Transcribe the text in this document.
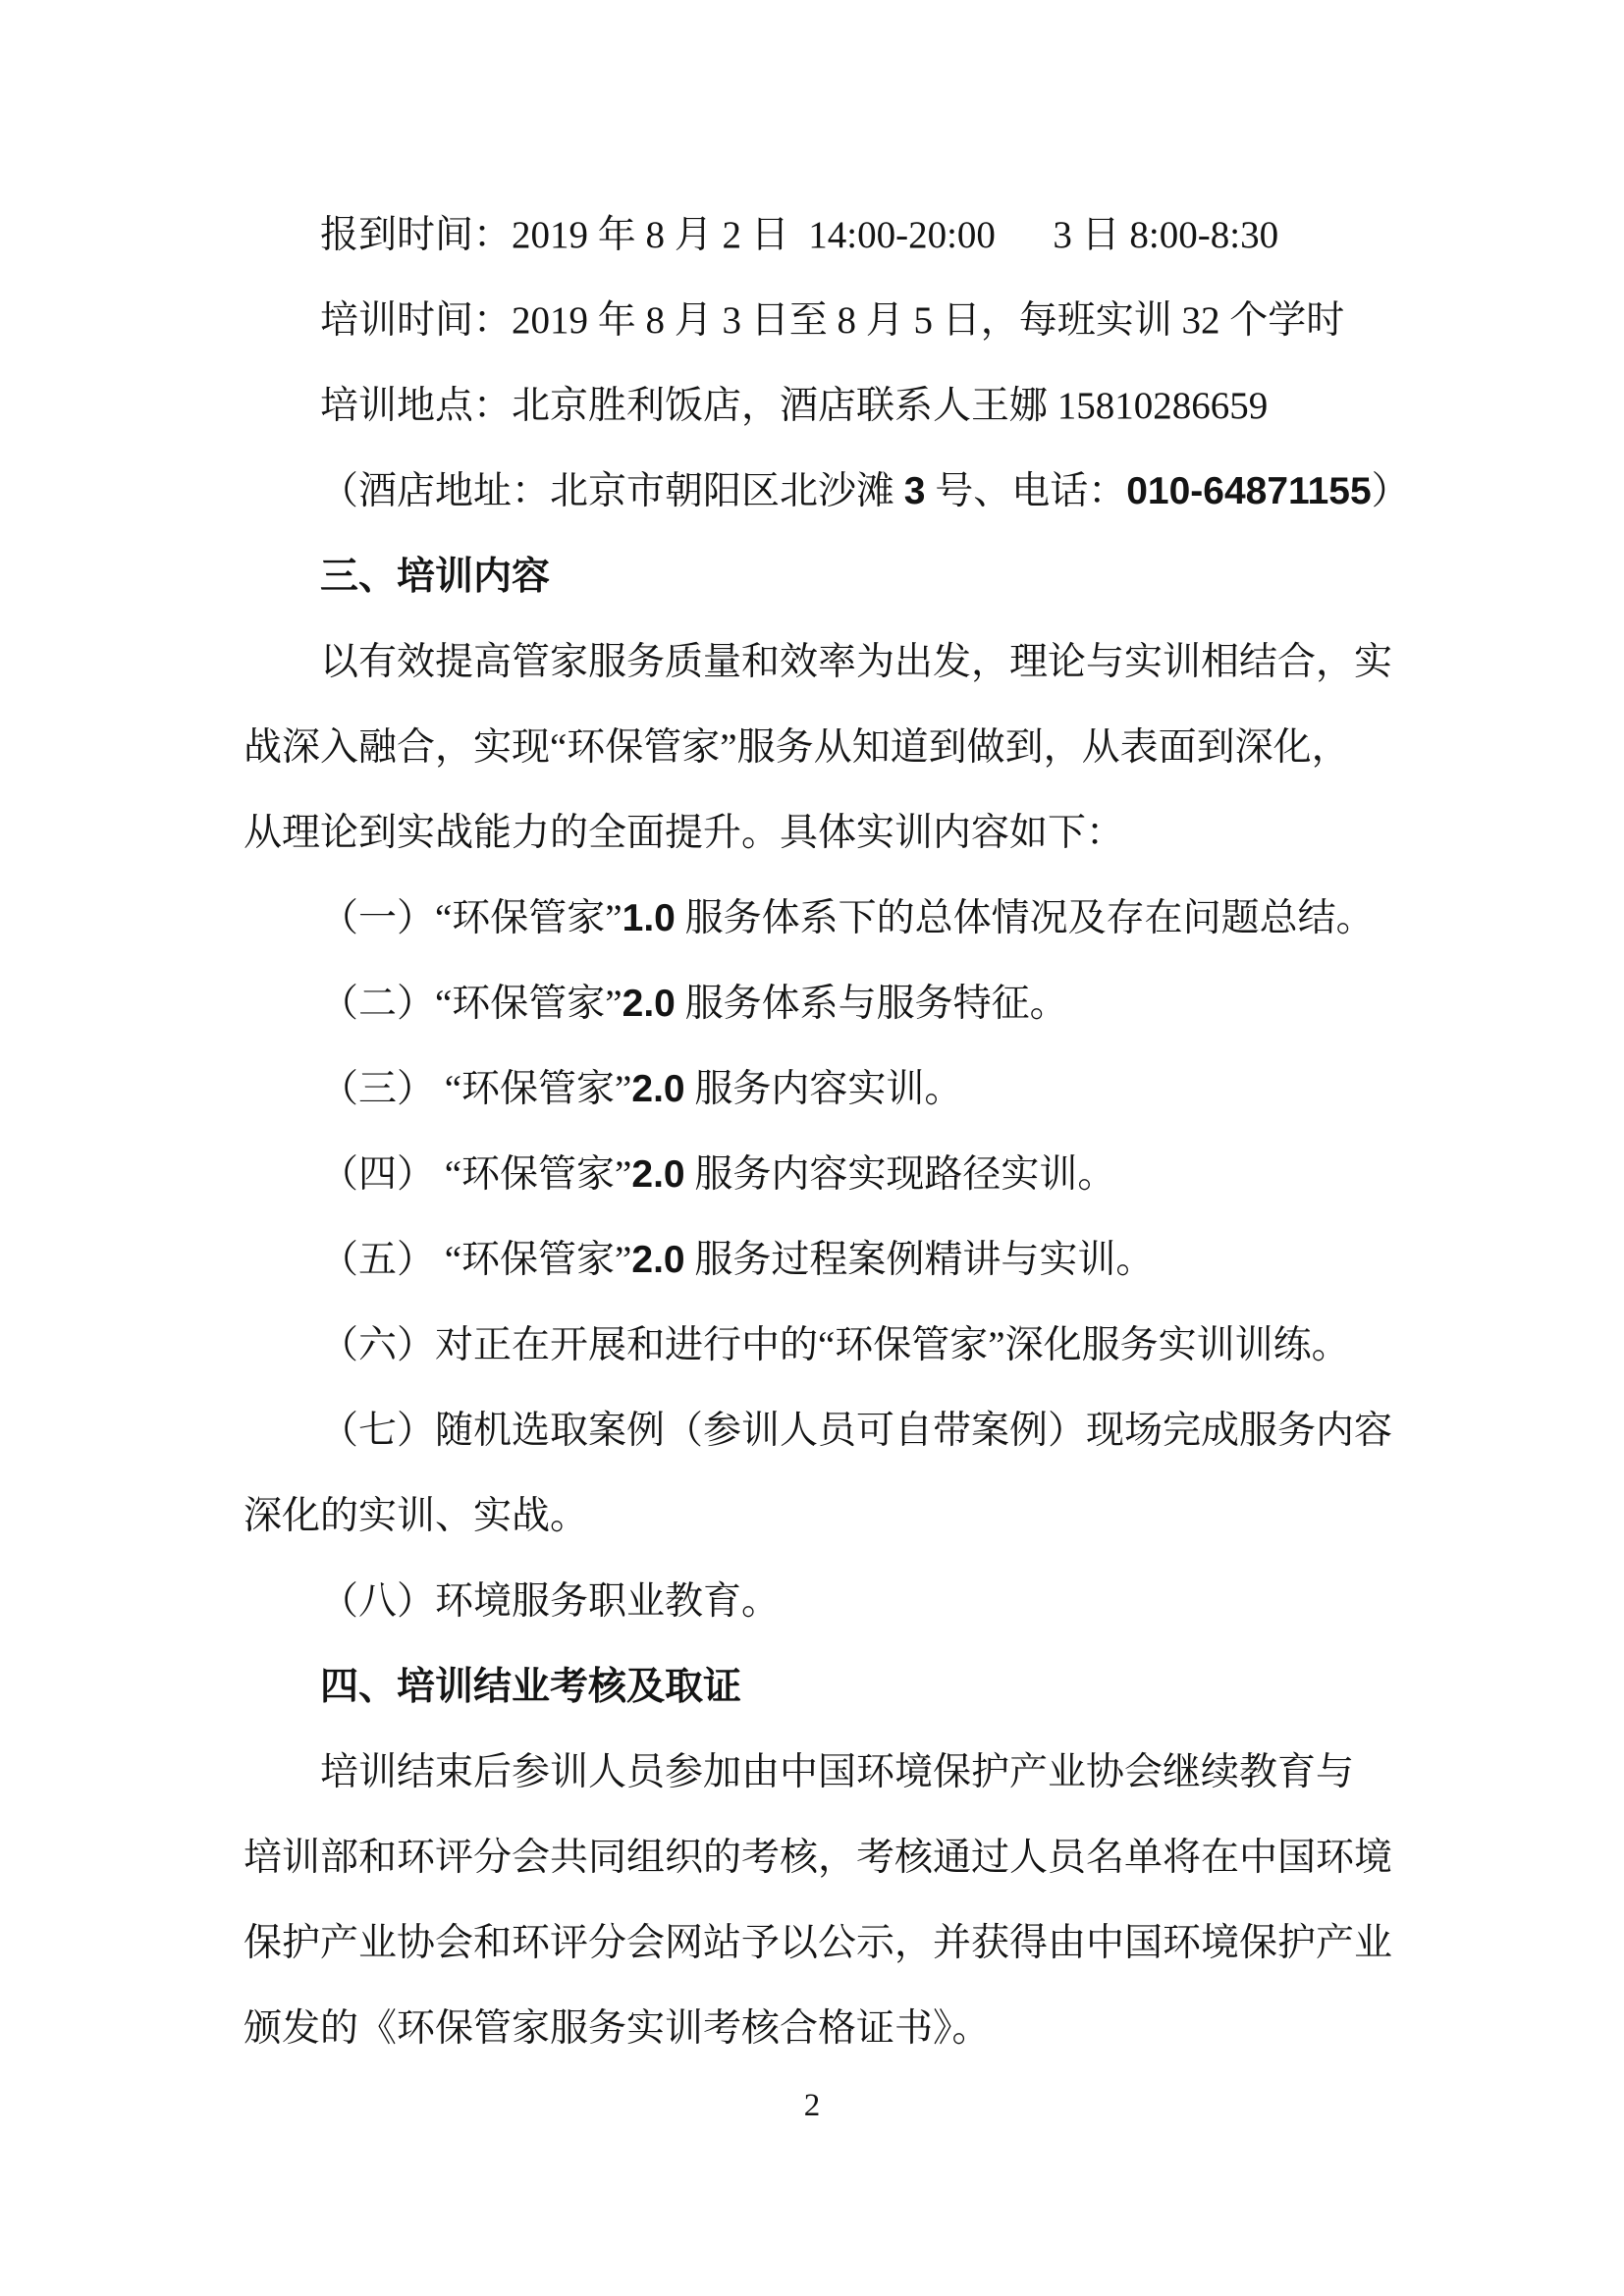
报到时间：2019 年 8 月 2 日  14:00-20:00      3 日 8:00-8:30
培训时间：2019 年 8 月 3 日至 8 月 5 日，每班实训 32 个学时
培训地点：北京胜利饭店，酒店联系人王娜 15810286659
（酒店地址：北京市朝阳区北沙滩 3 号、电话：010-64871155）
三、培训内容
以有效提高管家服务质量和效率为出发，理论与实训相结合，实
战深入融合，实现“环保管家”服务从知道到做到，从表面到深化，
从理论到实战能力的全面提升。具体实训内容如下：
（一）“环保管家”1.0 服务体系下的总体情况及存在问题总结。
（二）“环保管家”2.0 服务体系与服务特征。
（三） “环保管家”2.0 服务内容实训。
（四） “环保管家”2.0 服务内容实现路径实训。
（五） “环保管家”2.0 服务过程案例精讲与实训。
（六）对正在开展和进行中的“环保管家”深化服务实训训练。
（七）随机选取案例（参训人员可自带案例）现场完成服务内容
深化的实训、实战。
（八）环境服务职业教育。
四、培训结业考核及取证
培训结束后参训人员参加由中国环境保护产业协会继续教育与
培训部和环评分会共同组织的考核，考核通过人员名单将在中国环境
保护产业协会和环评分会网站予以公示，并获得由中国环境保护产业
颁发的《环保管家服务实训考核合格证书》。
2
